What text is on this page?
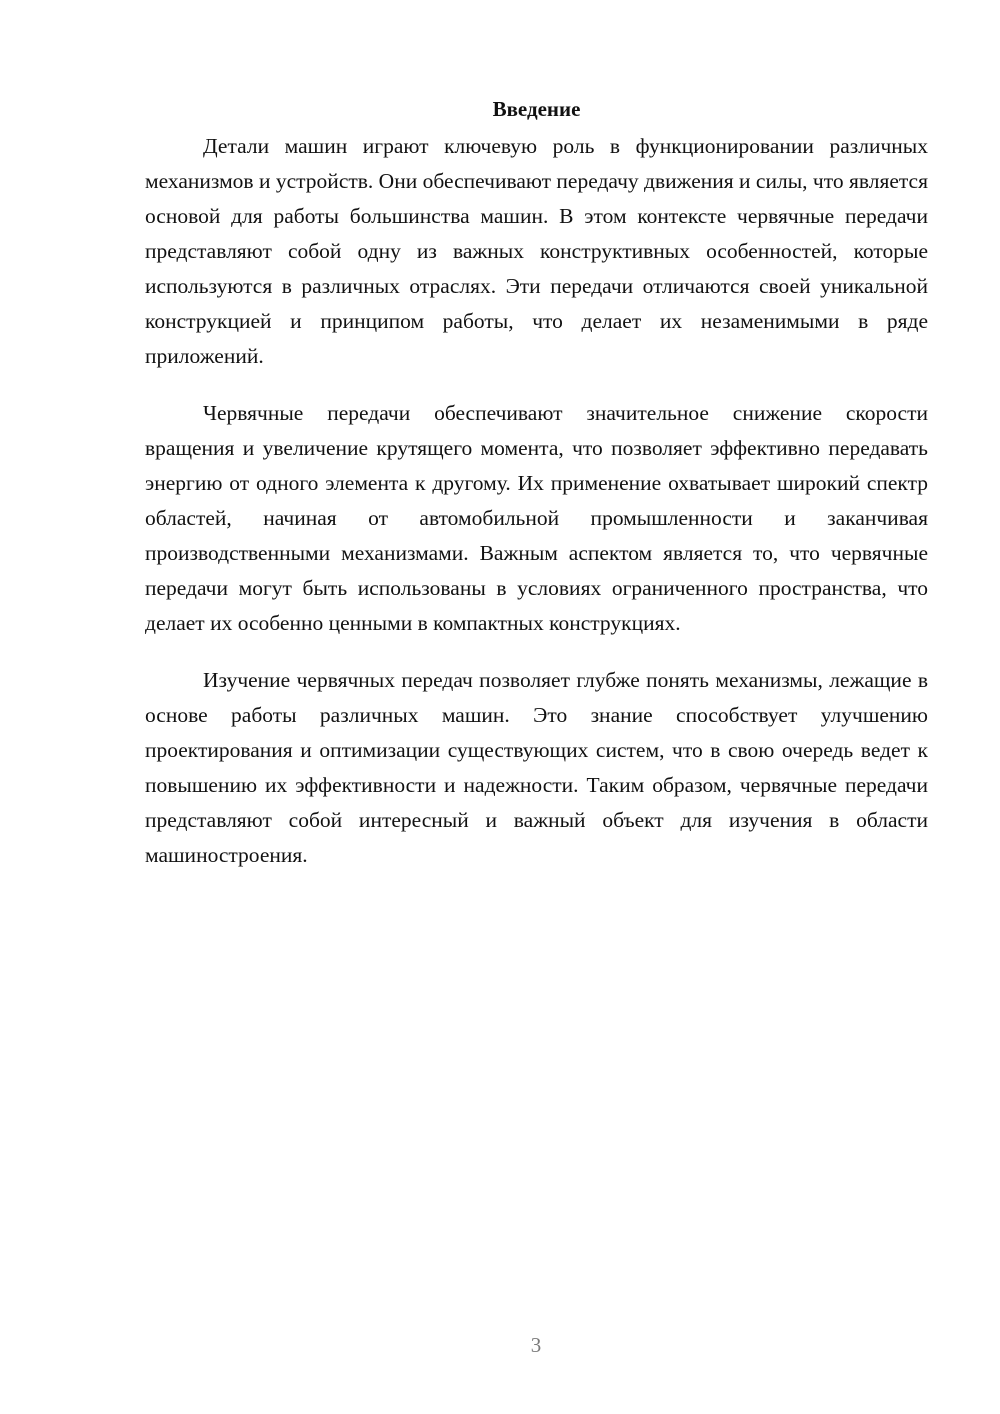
Введение

Детали машин играют ключевую роль в функционировании различных механизмов и устройств. Они обеспечивают передачу движения и силы, что является основой для работы большинства машин. В этом контексте червячные передачи представляют собой одну из важных конструктивных особенностей, которые используются в различных отраслях. Эти передачи отличаются своей уникальной конструкцией и принципом работы, что делает их незаменимыми в ряде приложений.

Червячные передачи обеспечивают значительное снижение скорости вращения и увеличение крутящего момента, что позволяет эффективно передавать энергию от одного элемента к другому. Их применение охватывает широкий спектр областей, начиная от автомобильной промышленности и заканчивая производственными механизмами. Важным аспектом является то, что червячные передачи могут быть использованы в условиях ограниченного пространства, что делает их особенно ценными в компактных конструкциях.

Изучение червячных передач позволяет глубже понять механизмы, лежащие в основе работы различных машин. Это знание способствует улучшению проектирования и оптимизации существующих систем, что в свою очередь ведет к повышению их эффективности и надежности. Таким образом, червячные передачи представляют собой интересный и важный объект для изучения в области машиностроения.

3
